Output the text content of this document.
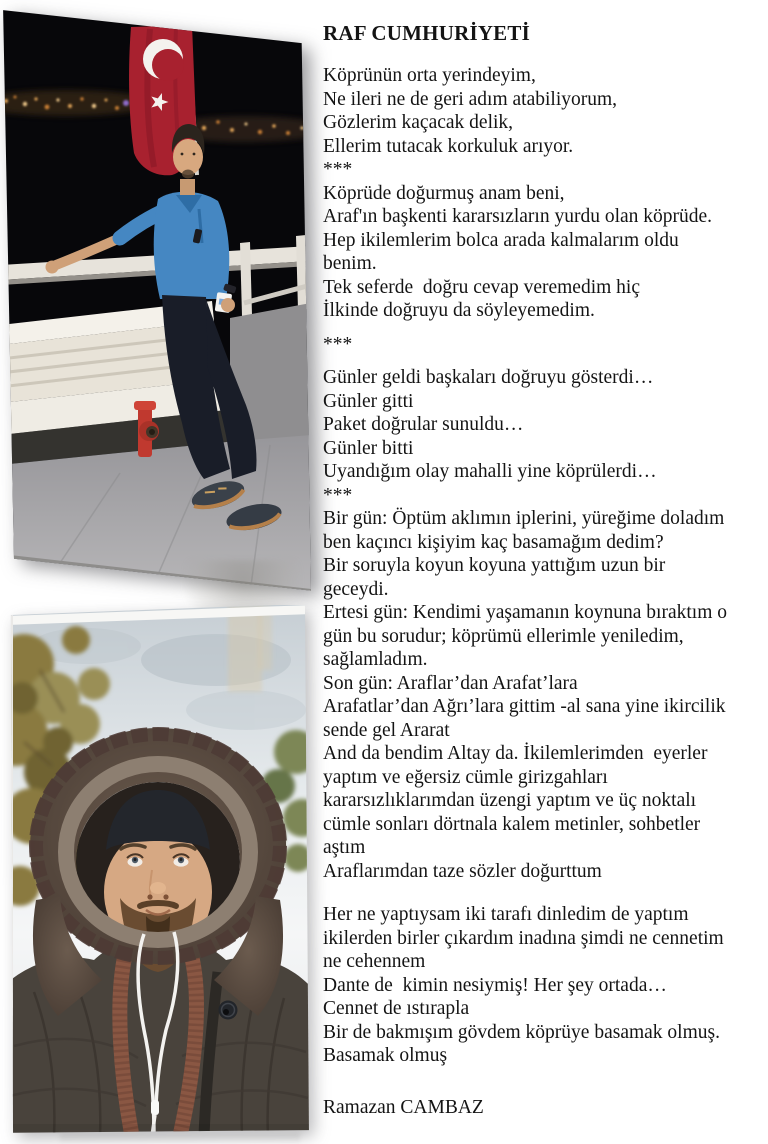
RAF CUMHURİYETİ
Köprünün orta yerindeyim,
Ne ileri ne de geri adım atabiliyorum,
Gözlerim kaçacak delik,
Ellerim tutacak korkuluk arıyor.
***
Köprüde doğurmuş anam beni,
Araf'ın başkenti kararsızların yurdu olan köprüde.
Hep ikilemlerim bolca arada kalmalarım oldu
benim.
Tek seferde  doğru cevap veremedim hiç
İlkinde doğruyu da söyleyemedim.
***
Günler geldi başkaları doğruyu gösterdi…
Günler gitti
Paket doğrular sunuldu…
Günler bitti
Uyandığım olay mahalli yine köprülerdi…
***
Bir gün: Öptüm aklımın iplerini, yüreğime doladım
ben kaçıncı kişiyim kaç basamağım dedim?
Bir soruyla koyun koyuna yattığım uzun bir
geceydi.
Ertesi gün: Kendimi yaşamanın koynuna bıraktım o
gün bu sorudur; köprümü ellerimle yeniledim,
sağlamladım.
Son gün: Araflar’dan Arafat’lara
Arafatlar’dan Ağrı’lara gittim -al sana yine ikircilik
sende gel Ararat
And da bendim Altay da. İkilemlerimden  eyerler
yaptım ve eğersiz cümle girizgahları
kararsızlıklarımdan üzengi yaptım ve üç noktalı
cümle sonları dörtnala kalem metinler, sohbetler
aştım
Araflarımdan taze sözler doğurttum
Her ne yaptıysam iki tarafı dinledim de yaptım
ikilerden birler çıkardım inadına şimdi ne cennetim
ne cehennem
Dante de  kimin nesiymiş! Her şey ortada…
Cennet de ıstırapla
Bir de bakmışım gövdem köprüye basamak olmuş.
Basamak olmuş
Ramazan CAMBAZ
